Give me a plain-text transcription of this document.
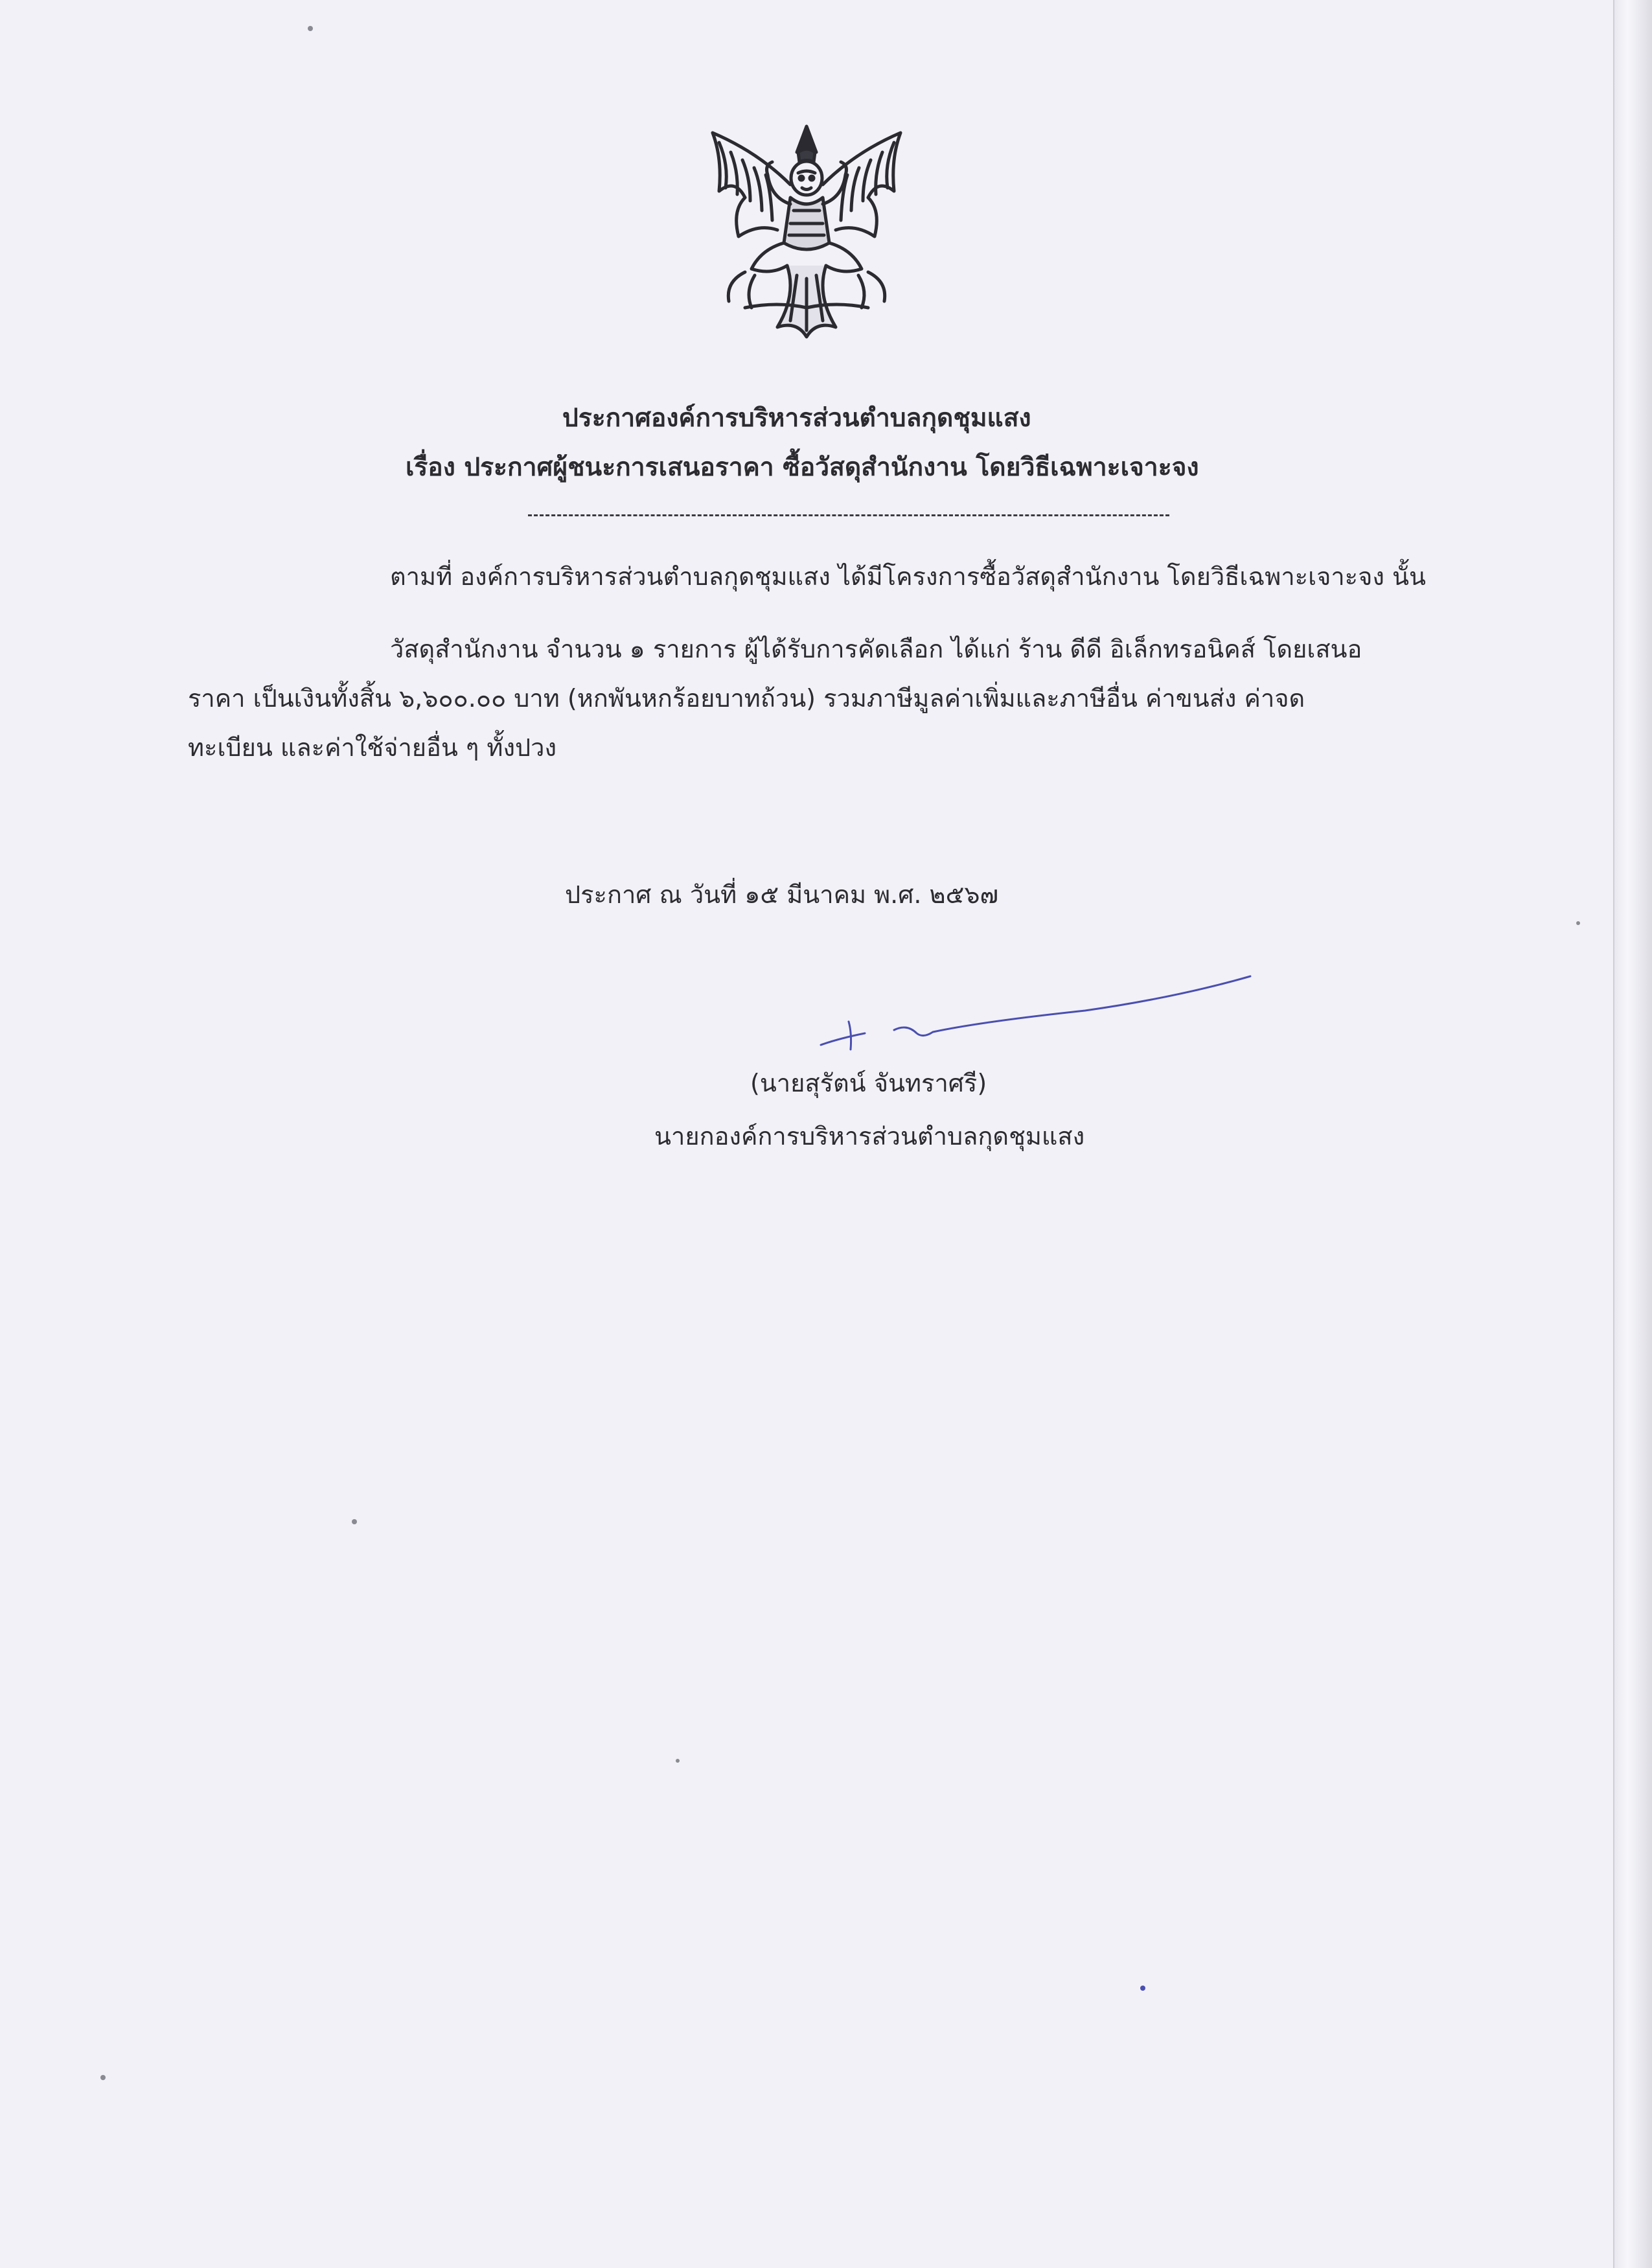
ประกาศองค์การบริหารส่วนตำบลกุดชุมแสง
เรื่อง ประกาศผู้ชนะการเสนอราคา ซื้อวัสดุสำนักงาน โดยวิธีเฉพาะเจาะจง
ตามที่ องค์การบริหารส่วนตำบลกุดชุมแสง ได้มีโครงการซื้อวัสดุสำนักงาน โดยวิธีเฉพาะเจาะจง นั้น
วัสดุสำนักงาน จำนวน ๑ รายการ ผู้ได้รับการคัดเลือก ได้แก่ ร้าน ดีดี อิเล็กทรอนิคส์ โดยเสนอ
ราคา เป็นเงินทั้งสิ้น ๖,๖๐๐.๐๐ บาท (หกพันหกร้อยบาทถ้วน) รวมภาษีมูลค่าเพิ่มและภาษีอื่น ค่าขนส่ง ค่าจด
ทะเบียน และค่าใช้จ่ายอื่น ๆ ทั้งปวง
ประกาศ ณ วันที่ ๑๕ มีนาคม พ.ศ. ๒๕๖๗
(นายสุรัตน์ จันทราศรี)
นายกองค์การบริหารส่วนตำบลกุดชุมแสง
